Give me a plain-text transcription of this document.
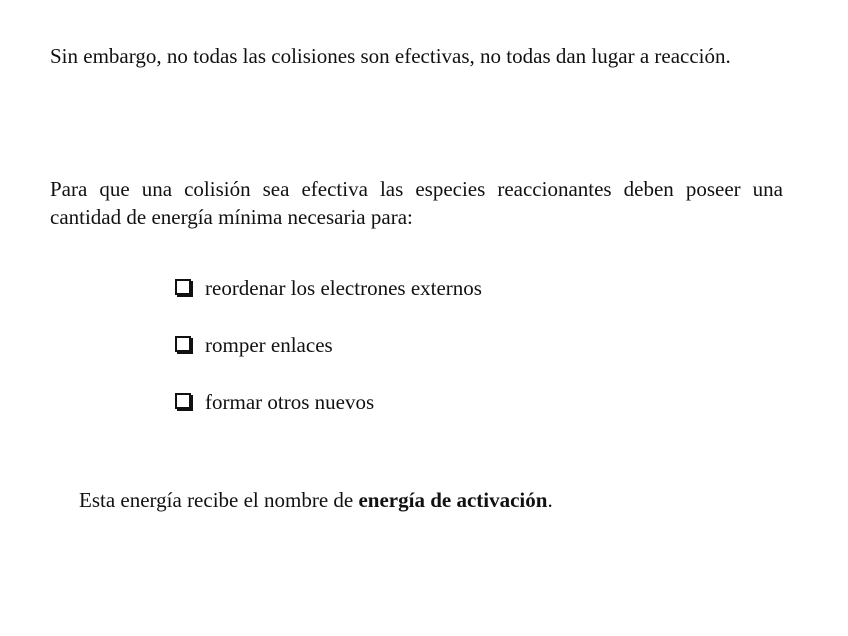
Sin embargo, no todas las colisiones son efectivas, no todas dan lugar a reacción.

Para que una colisión sea efectiva las especies reaccionantes deben poseer una cantidad de energía mínima necesaria para:

reordenar los electrones externos
romper enlaces
formar otros nuevos

Esta energía recibe el nombre de energía de activación.
